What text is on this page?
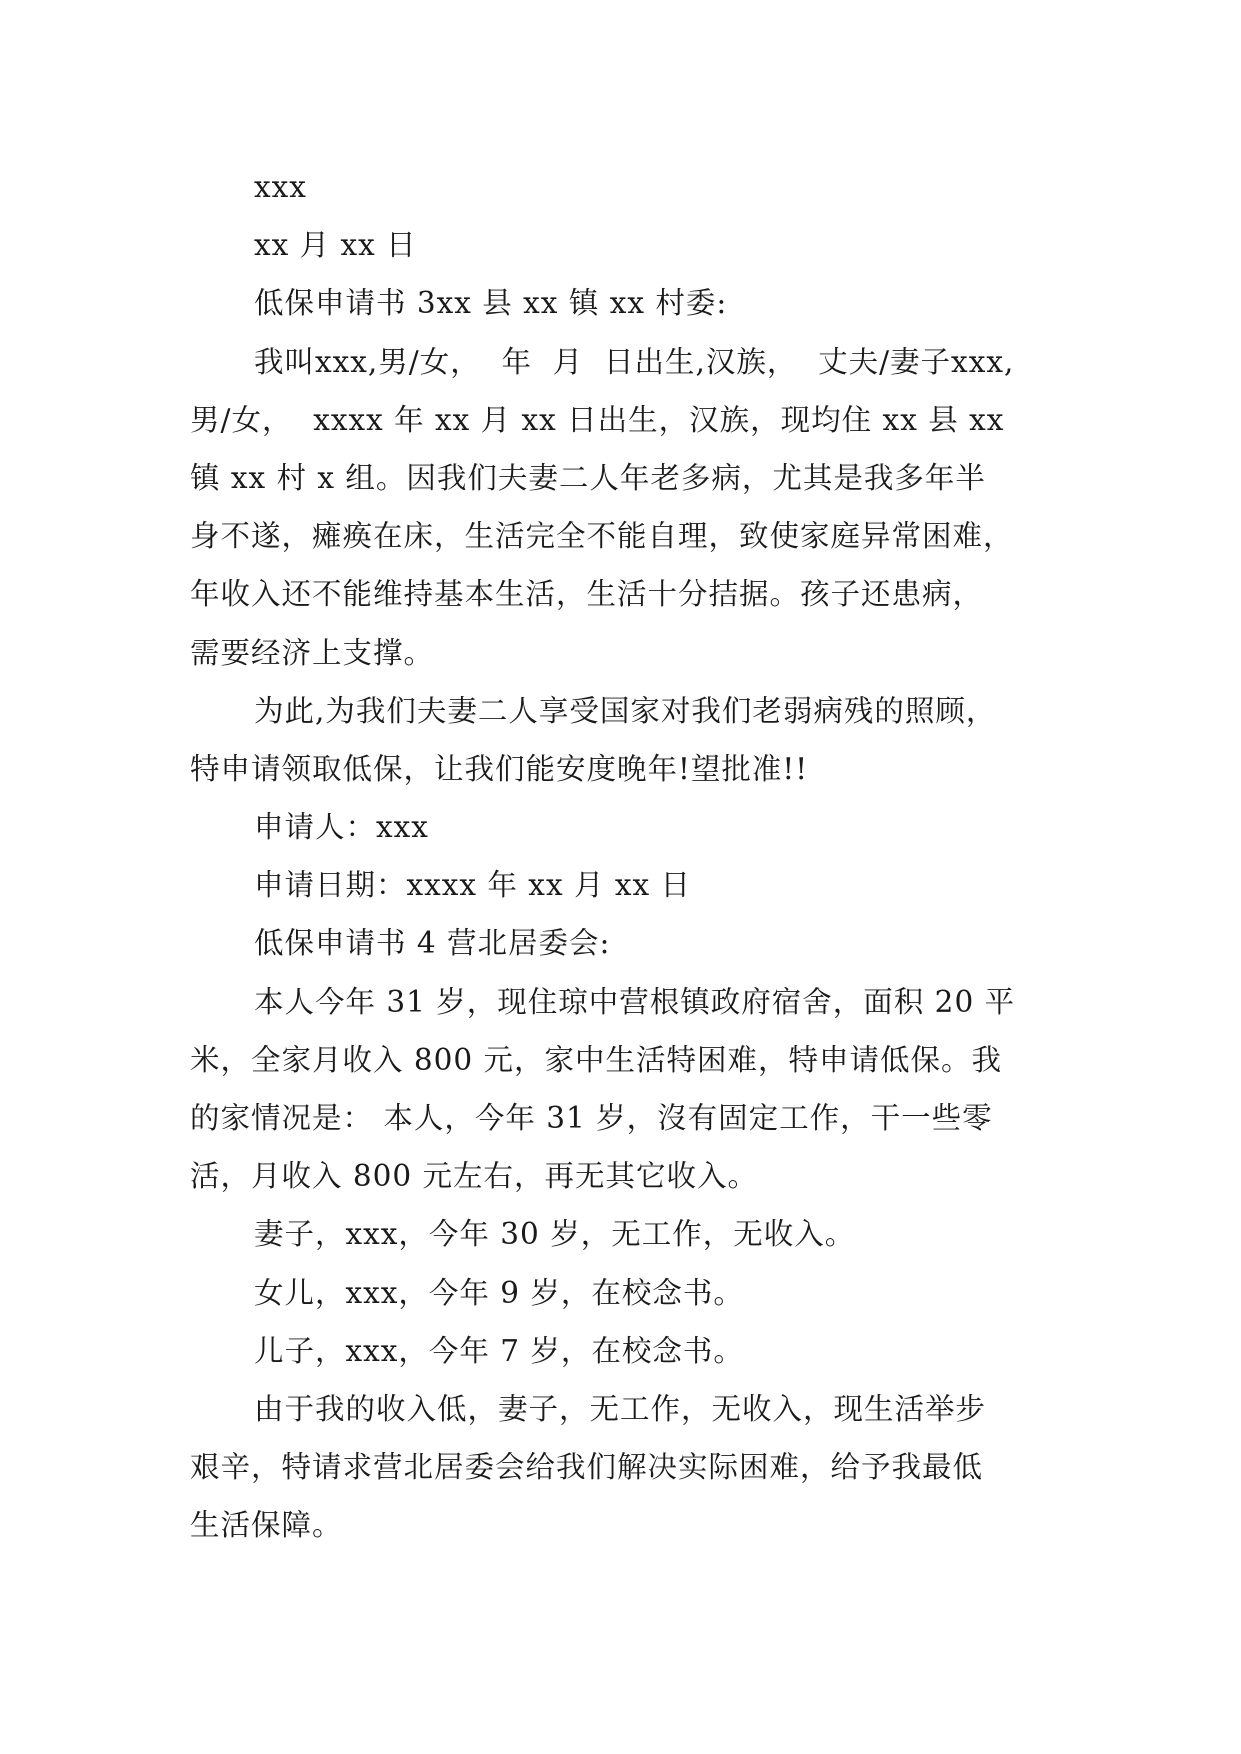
xxx
xx 月 xx 日
低保申请书 3xx 县 xx 镇 xx 村委:
我叫xxx,男/女，  年  月  日出生,汉族，  丈夫/妻子xxx,
男/女，  xxxx 年 xx 月 xx 日出生，汉族，现均住 xx 县 xx
镇 xx 村 x 组。因我们夫妻二人年老多病，尤其是我多年半
身不遂，瘫痪在床，生活完全不能自理，致使家庭异常困难，
年收入还不能维持基本生活，生活十分拮据。孩子还患病，
需要经济上支撑。
为此,为我们夫妻二人享受国家对我们老弱病残的照顾，
特申请领取低保，让我们能安度晚年!望批准!!
申请人：xxx
申请日期：xxxx 年 xx 月 xx 日
低保申请书 4 营北居委会:
本人今年 31 岁，现住琼中营根镇政府宿舍，面积 20 平
米，全家月收入 800 元，家中生活特困难，特申请低保。我
的家情况是： 本人，今年 31 岁，沒有固定工作，干一些零
活，月收入 800 元左右，再无其它收入。
妻子，xxx，今年 30 岁，无工作，无收入。
女儿，xxx，今年 9 岁，在校念书。
儿子，xxx，今年 7 岁，在校念书。
由于我的收入低，妻子，无工作，无收入，现生活举步
艰辛，特请求营北居委会给我们解决实际困难，给予我最低
生活保障。
